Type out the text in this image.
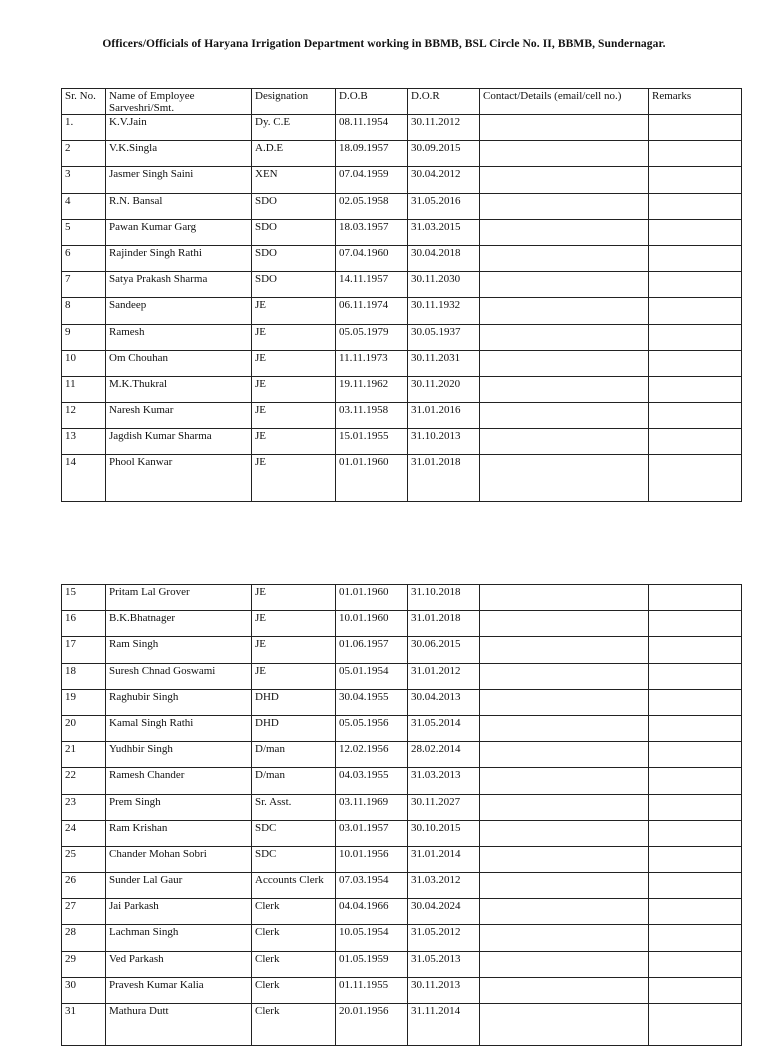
Officers/Officials of Haryana Irrigation Department working in BBMB, BSL Circle No. II, BBMB, Sundernagar.
Sr. No.	Name of Employee Sarveshri/Smt.	Designation	D.O.B	D.O.R	Contact/Details (email/cell no.)	Remarks
1.	K.V.Jain	Dy. C.E	08.11.1954	30.11.2012		
2	V.K.Singla	A.D.E	18.09.1957	30.09.2015		
3	Jasmer Singh Saini	XEN	07.04.1959	30.04.2012		
4	R.N. Bansal	SDO	02.05.1958	31.05.2016		
5	Pawan Kumar Garg	SDO	18.03.1957	31.03.2015		
6	Rajinder Singh Rathi	SDO	07.04.1960	30.04.2018		
7	Satya Prakash Sharma	SDO	14.11.1957	30.11.2030		
8	Sandeep	JE	06.11.1974	30.11.1932		
9	Ramesh	JE	05.05.1979	30.05.1937		
10	Om Chouhan	JE	11.11.1973	30.11.2031		
11	M.K.Thukral	JE	19.11.1962	30.11.2020		
12	Naresh Kumar	JE	03.11.1958	31.01.2016		
13	Jagdish Kumar Sharma	JE	15.01.1955	31.10.2013		
14	Phool Kanwar	JE	01.01.1960	31.01.2018		
15	Pritam Lal Grover	JE	01.01.1960	31.10.2018		
16	B.K.Bhatnager	JE	10.01.1960	31.01.2018		
17	Ram Singh	JE	01.06.1957	30.06.2015		
18	Suresh Chnad Goswami	JE	05.01.1954	31.01.2012		
19	Raghubir Singh	DHD	30.04.1955	30.04.2013		
20	Kamal Singh Rathi	DHD	05.05.1956	31.05.2014		
21	Yudhbir Singh	D/man	12.02.1956	28.02.2014		
22	Ramesh Chander	D/man	04.03.1955	31.03.2013		
23	Prem Singh	Sr. Asst.	03.11.1969	30.11.2027		
24	Ram Krishan	SDC	03.01.1957	30.10.2015		
25	Chander Mohan Sobri	SDC	10.01.1956	31.01.2014		
26	Sunder Lal Gaur	Accounts Clerk	07.03.1954	31.03.2012		
27	Jai Parkash	Clerk	04.04.1966	30.04.2024		
28	Lachman Singh	Clerk	10.05.1954	31.05.2012		
29	Ved Parkash	Clerk	01.05.1959	31.05.2013		
30	Pravesh Kumar Kalia	Clerk	01.11.1955	30.11.2013		
31	Mathura Dutt	Clerk	20.01.1956	31.11.2014		
